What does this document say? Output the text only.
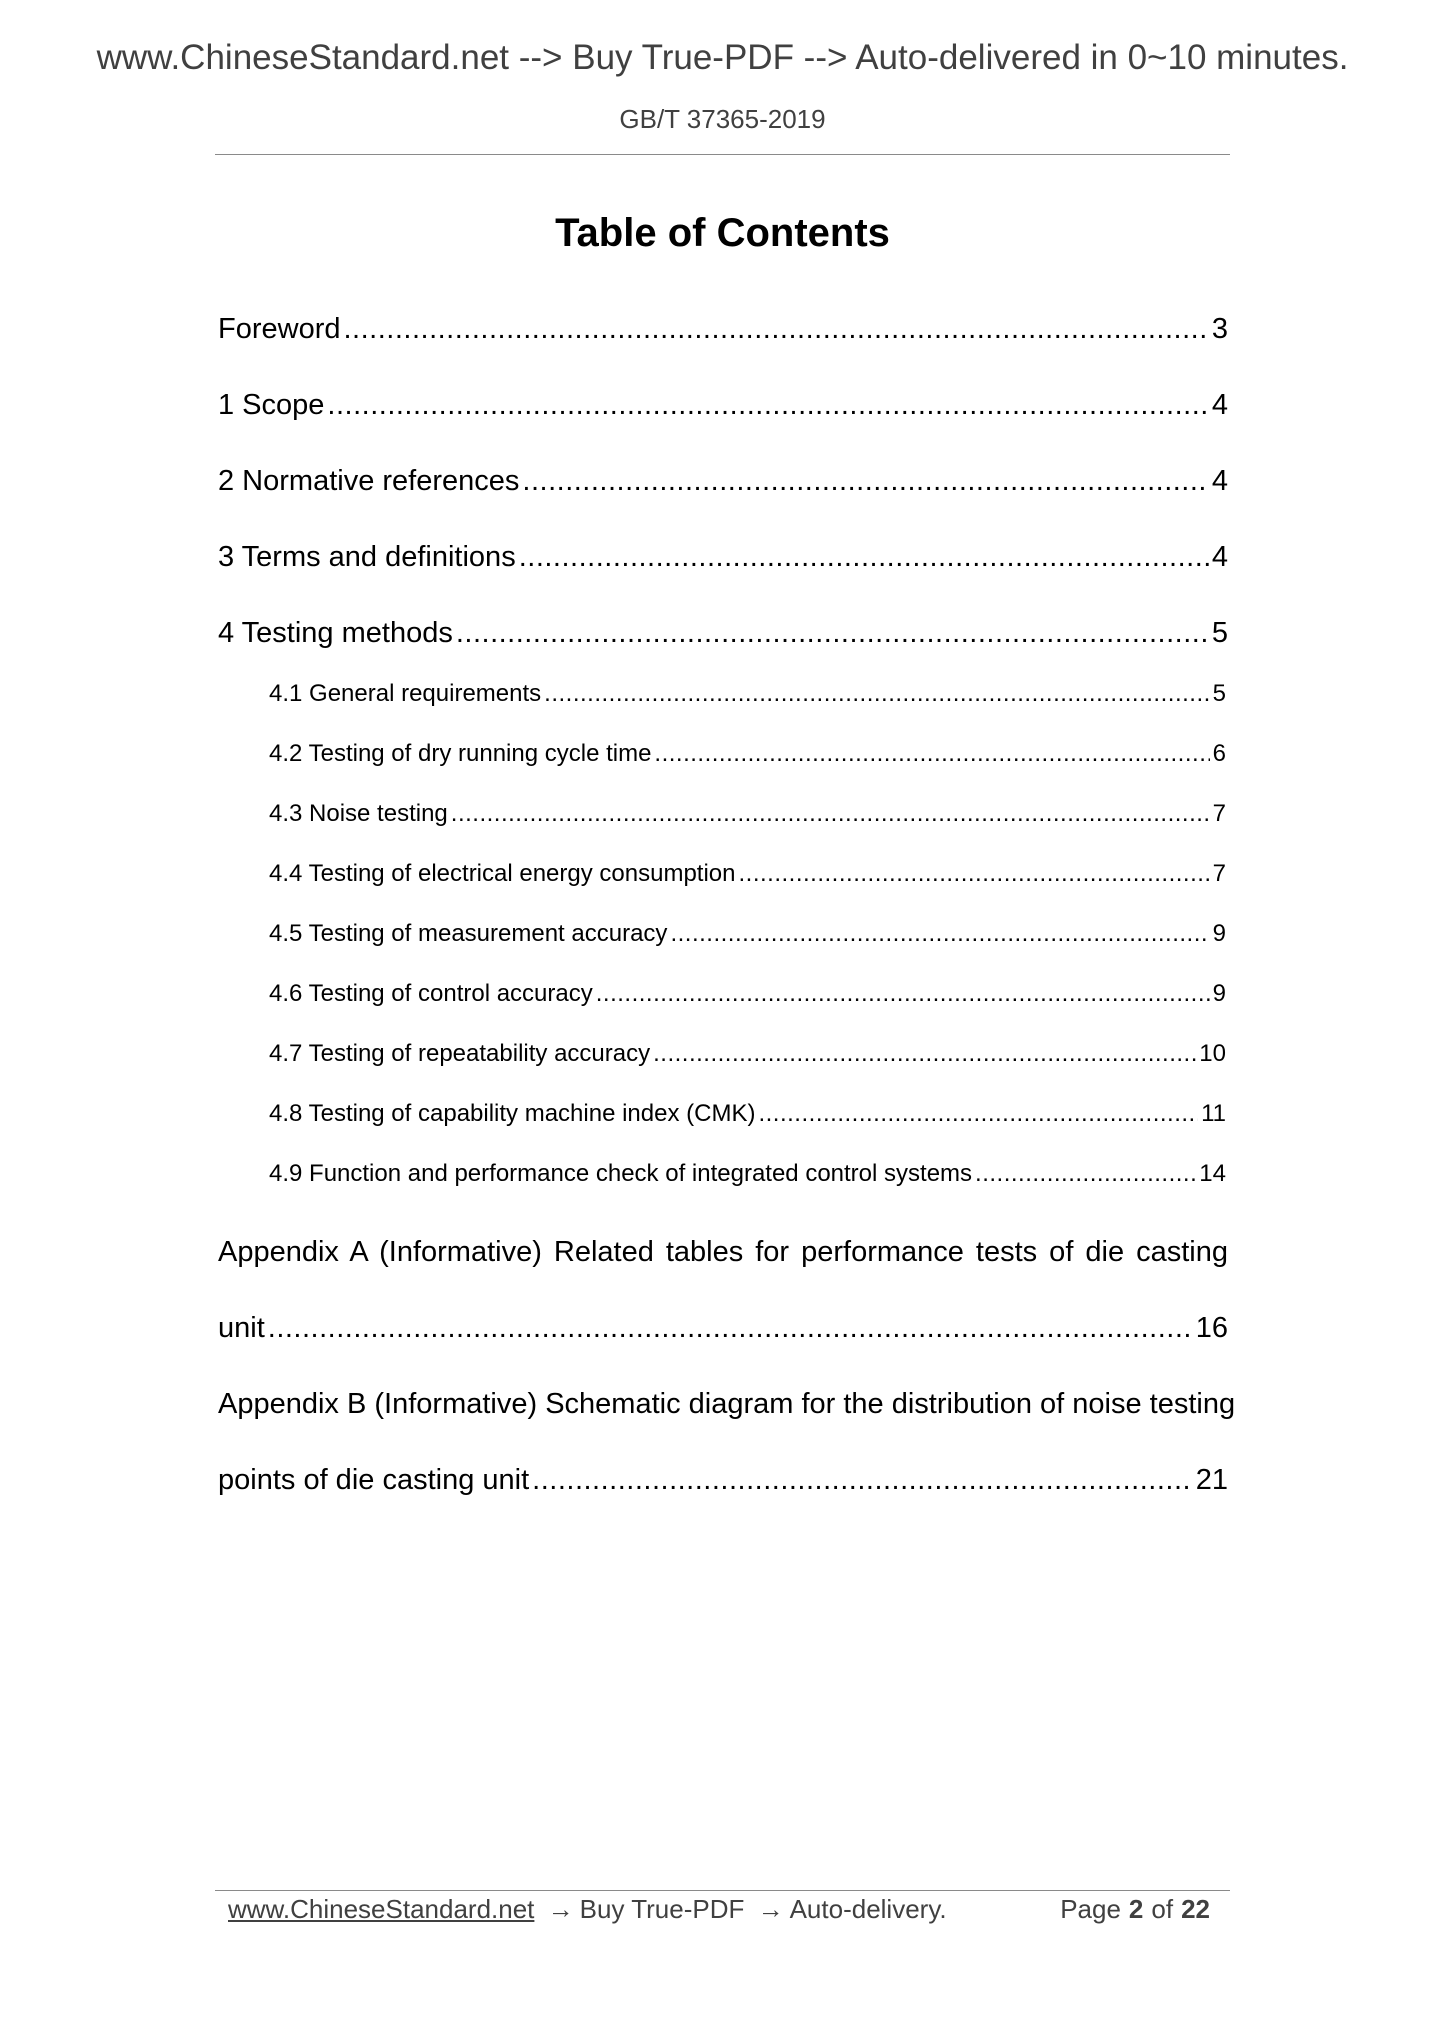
www.ChineseStandard.net --> Buy True-PDF --> Auto-delivered in 0~10 minutes.
GB/T 37365-2019
Table of Contents
Foreword .....	3
1 Scope .....	4
2 Normative references .....	4
3 Terms and definitions .....	4
4 Testing methods .....	5
4.1 General requirements .....	5
4.2 Testing of dry running cycle time .....	6
4.3 Noise testing .....	7
4.4 Testing of electrical energy consumption .....	7
4.5 Testing of measurement accuracy .....	9
4.6 Testing of control accuracy .....	9
4.7 Testing of repeatability accuracy .....	10
4.8 Testing of capability machine index (CMK) .....	11
4.9 Function and performance check of integrated control systems .....	14
Appendix A (Informative) Related tables for performance tests of die casting
unit .....	16
Appendix B (Informative) Schematic diagram for the distribution of noise testing
points of die casting unit .....	21
www.ChineseStandard.net → Buy True-PDF → Auto-delivery.	Page 2 of 22
